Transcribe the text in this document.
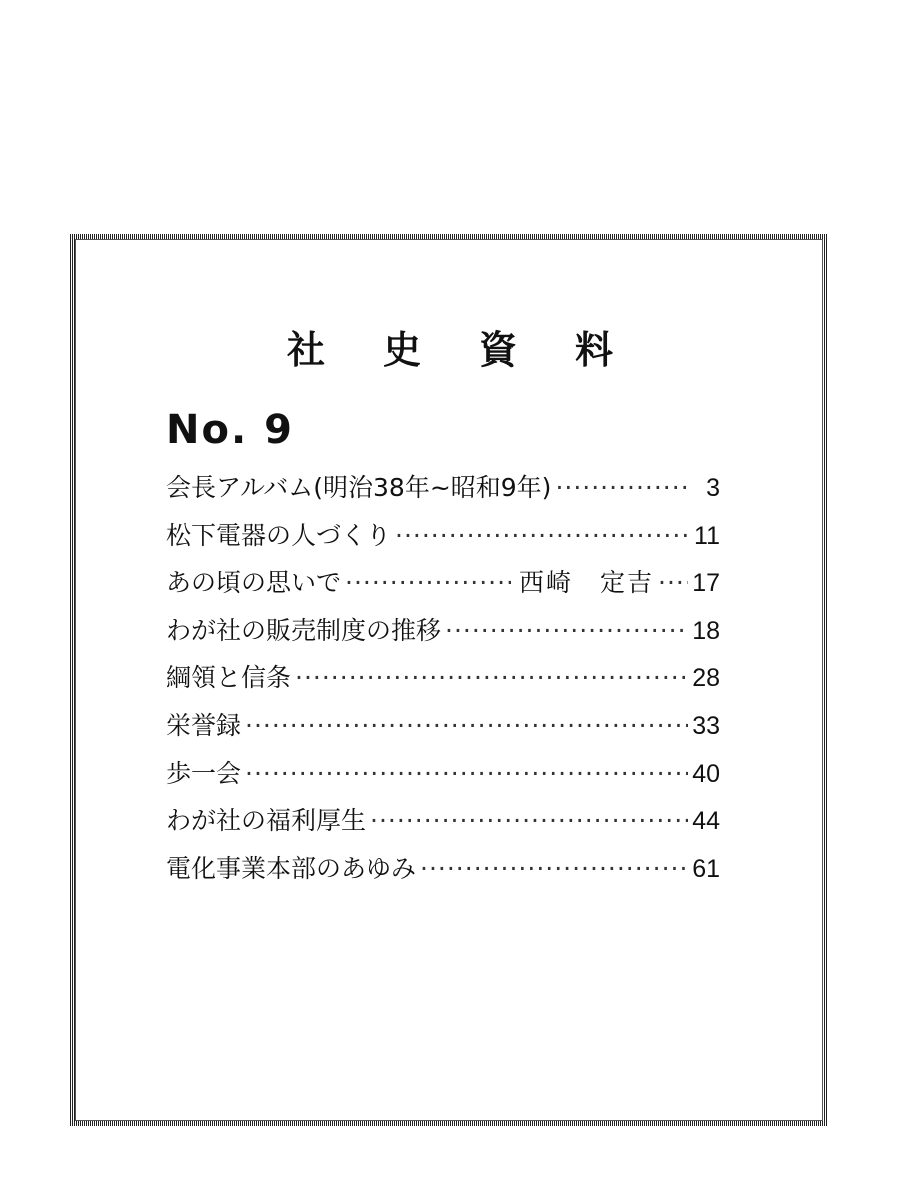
社史資料
No. 9
会長アルバム(明治38年~昭和9年) ·····	3
松下電器の人づくり ·····	11
あの頃の思いで ·····	西崎　定吉 ····· 17
わが社の販売制度の推移 ·····	18
綱領と信条 ·····	28
栄誉録 ·····	33
歩一会 ·····	40
わが社の福利厚生 ·····	44
電化事業本部のあゆみ ·····	61
